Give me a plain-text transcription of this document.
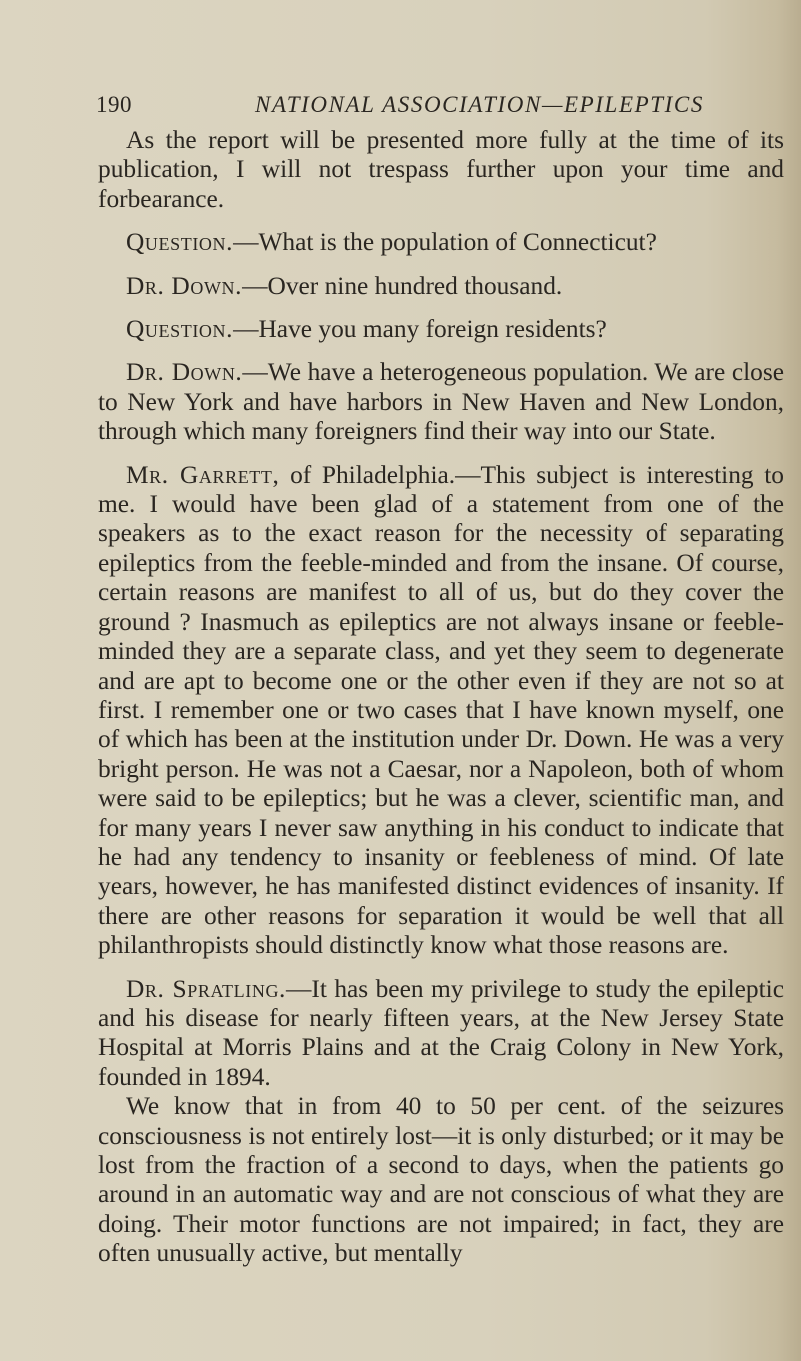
190	NATIONAL ASSOCIATION—EPILEPTICS

As the report will be presented more fully at the time of its publication, I will not trespass further upon your time and forbearance.

Question.—What is the population of Connecticut?

Dr. Down.—Over nine hundred thousand.

Question.—Have you many foreign residents?

Dr. Down.—We have a heterogeneous population. We are close to New York and have harbors in New Haven and New London, through which many foreigners find their way into our State.

Mr. Garrett, of Philadelphia.—This subject is interesting to me. I would have been glad of a statement from one of the speakers as to the exact reason for the necessity of separating epileptics from the feeble-minded and from the insane. Of course, certain reasons are manifest to all of us, but do they cover the ground ? Inasmuch as epileptics are not always insane or feeble-minded they are a separate class, and yet they seem to degenerate and are apt to become one or the other even if they are not so at first. I remember one or two cases that I have known myself, one of which has been at the institution under Dr. Down. He was a very bright person. He was not a Caesar, nor a Napoleon, both of whom were said to be epileptics; but he was a clever, scientific man, and for many years I never saw anything in his conduct to indicate that he had any tendency to insanity or feebleness of mind. Of late years, however, he has manifested distinct evidences of insanity. If there are other reasons for separation it would be well that all philanthropists should distinctly know what those reasons are.

Dr. Spratling.—It has been my privilege to study the epileptic and his disease for nearly fifteen years, at the New Jersey State Hospital at Morris Plains and at the Craig Colony in New York, founded in 1894.

We know that in from 40 to 50 per cent. of the seizures consciousness is not entirely lost—it is only disturbed; or it may be lost from the fraction of a second to days, when the patients go around in an automatic way and are not conscious of what they are doing. Their motor functions are not impaired; in fact, they are often unusually active, but mentally
